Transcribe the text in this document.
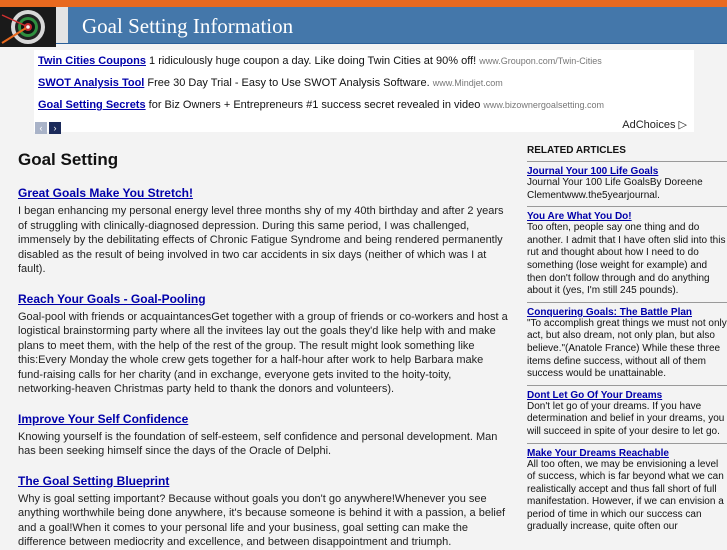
Goal Setting Information
Twin Cities Coupons 1 ridiculously huge coupon a day. Like doing Twin Cities at 90% off! www.Groupon.com/Twin-Cities
SWOT Analysis Tool Free 30 Day Trial - Easy to Use SWOT Analysis Software. www.Mindjet.com
Goal Setting Secrets for Biz Owners + Entrepreneurs #1 success secret revealed in video www.bizownergoalsetting.com
‹ ›	AdChoices ▷
Goal Setting
Great Goals Make You Stretch!
I began enhancing my personal energy level three months shy of my 40th birthday and after 2 years of struggling with clinically-diagnosed depression. During this same period, I was challenged, immensely by the debilitating effects of Chronic Fatigue Syndrome and being rendered permanently disabled as the result of being involved in two car accidents in six days (neither of which was I at fault).
Reach Your Goals - Goal-Pooling
Goal-pool with friends or acquaintancesGet together with a group of friends or co-workers and host a logistical brainstorming party where all the invitees lay out the goals they'd like help with and make plans to meet them, with the help of the rest of the group. The result might look something like this:Every Monday the whole crew gets together for a half-hour after work to help Barbara make fund-raising calls for her charity (and in exchange, everyone gets invited to the hoity-toity, networking-heaven Christmas party held to thank the donors and volunteers).
Improve Your Self Confidence
Knowing yourself is the foundation of self-esteem, self confidence and personal development. Man has been seeking himself since the days of the Oracle of Delphi.
The Goal Setting Blueprint
Why is goal setting important? Because without goals you don't go anywhere!Whenever you see anything worthwhile being done anywhere, it's because someone is behind it with a passion, a belief and a goal!When it comes to your personal life and your business, goal setting can make the difference between mediocrity and excellence, and between disappointment and triumph.
RELATED ARTICLES
Journal Your 100 Life Goals
Journal Your 100 Life GoalsBy Doreene Clementwww.the5yearjournal.
You Are What You Do!
Too often, people say one thing and do another. I admit that I have often slid into this rut and thought about how I need to do something (lose weight for example) and then don't follow through and do anything about it (yes, I'm still 245 pounds).
Conquering Goals: The Battle Plan
"To accomplish great things we must not only act, but also dream, not only plan, but also believe."(Anatole France) While these three items define success, without all of them success would be unattainable.
Dont Let Go Of Your Dreams
Don't let go of your dreams. If you have determination and belief in your dreams, you will succeed in spite of your desire to let go.
Make Your Dreams Reachable
All too often, we may be envisioning a level of success, which is far beyond what we can realistically accept and thus fall short of full manifestation. However, if we can envision a period of time in which our success can gradually increase, quite often our
